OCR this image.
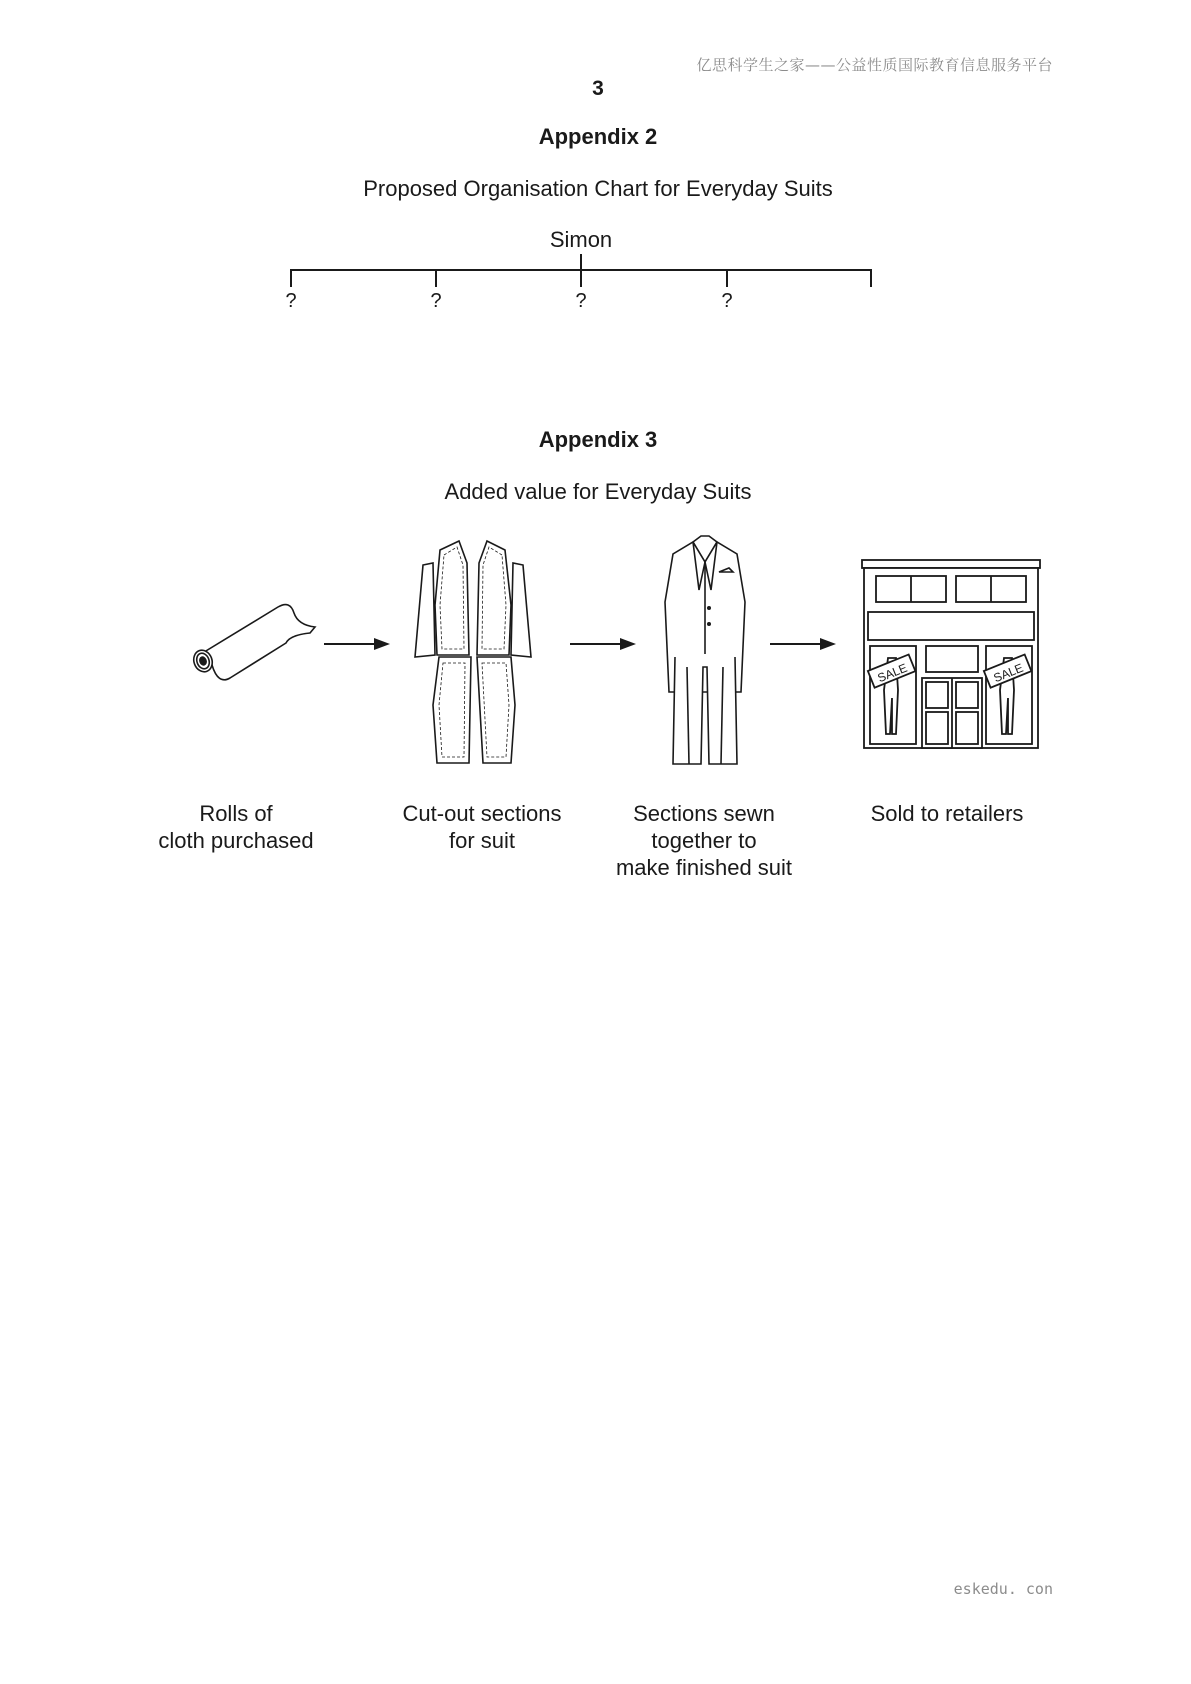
亿思科学生之家——公益性质国际教育信息服务平台
3
Appendix 2
Proposed Organisation Chart for Everyday Suits
Simon
?	?	?	?
Appendix 3
Added value for Everyday Suits
SALE	SALE
Rolls of
cloth purchased
Cut-out sections
for suit
Sections sewn
together to
make finished suit
Sold to retailers
eskedu. con
